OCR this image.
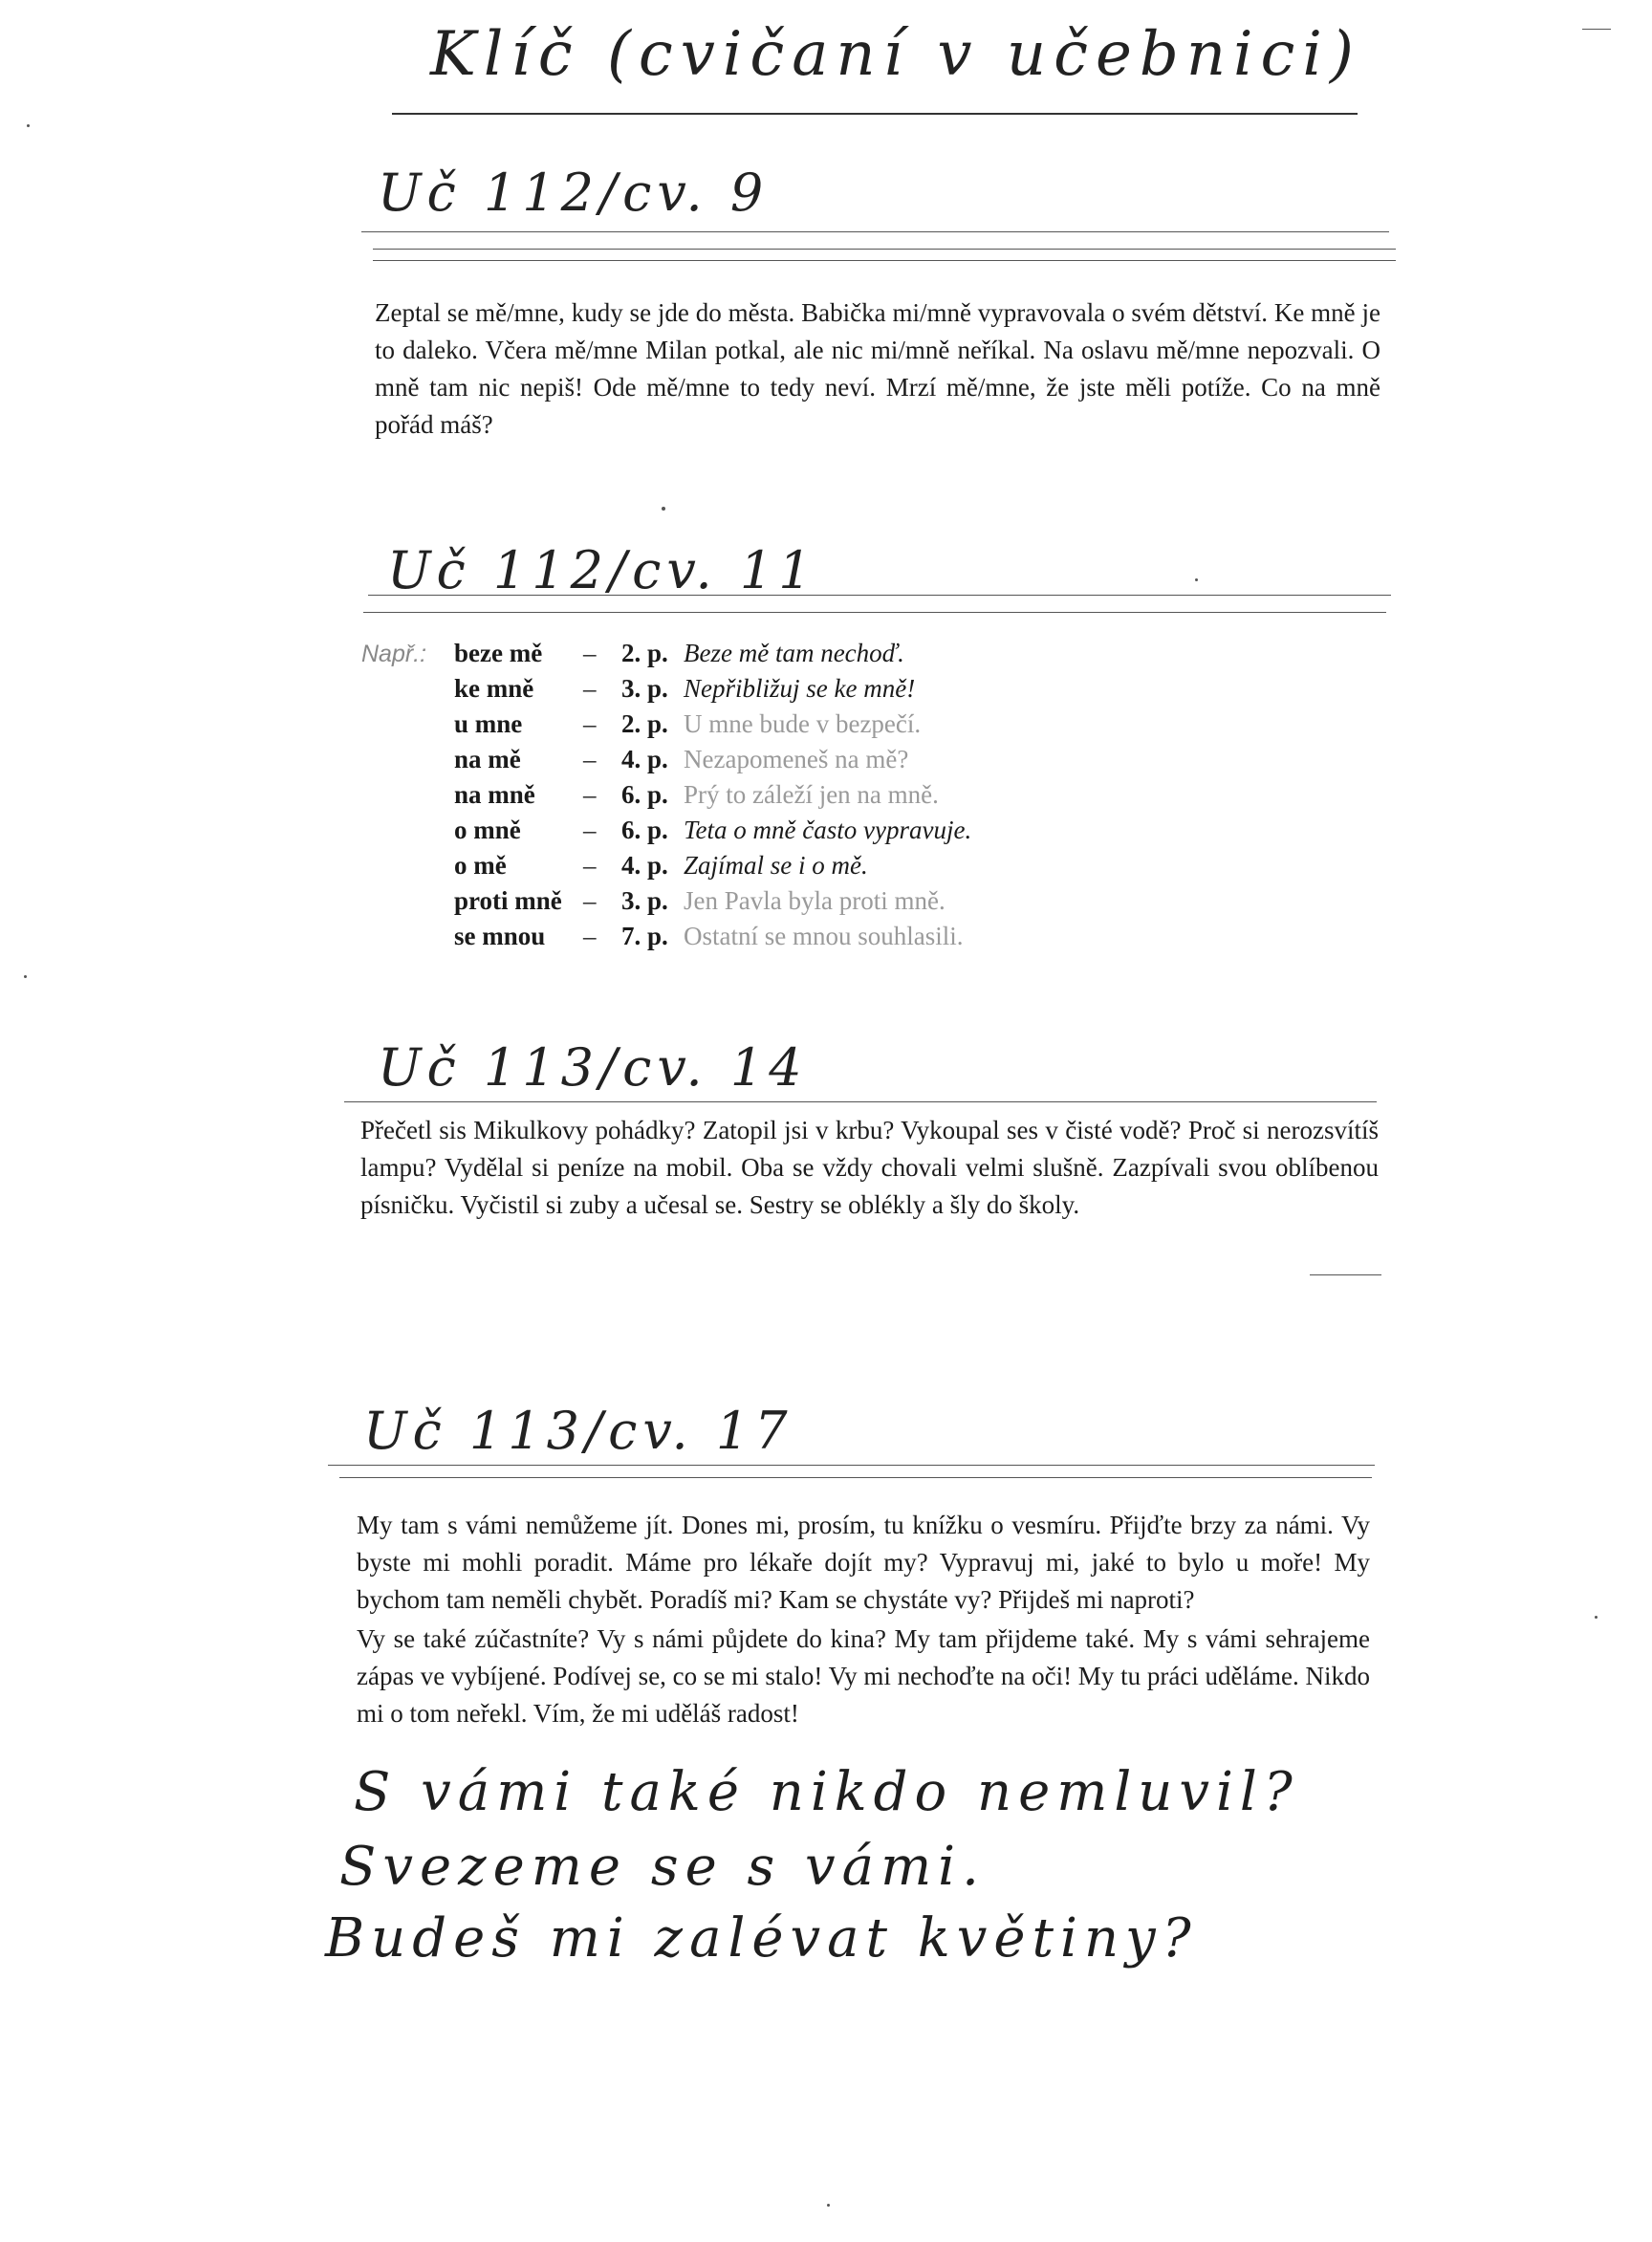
Klíč (cvičaní v učebnici)
Uč 112/cv. 9
Zeptal se mě/mne, kudy se jde do města. Babička mi/mně vypravovala o svém dětství. Ke mně je to daleko. Včera mě/mne Milan potkal, ale nic mi/mně neříkal. Na oslavu mě/mne nepozvali. O mně tam nic nepiš! Ode mě/mne to tedy neví. Mrzí mě/mne, že jste měli potíže. Co na mně pořád máš?
Uč 112/cv. 11
Např.: beze mě – 2. p. Beze mě tam nechoď.
ke mně – 3. p. Nepřibližuj se ke mně!
u mne – 2. p. U mne bude v bezpečí.
na mě – 4. p. Nezapomeneš na mě?
na mně – 6. p. Prý to záleží jen na mně.
o mně – 6. p. Teta o mně často vypravuje.
o mě	– 4. p. Zajímal se i o mě.
proti mně – 3. p. Jen Pavla byla proti mně.
se mnou – 7. p. Ostatní se mnou souhlasili.
Uč 113/cv. 14
Přečetl sis Mikulkovy pohádky? Zatopil jsi v krbu? Vykoupal ses v čisté vodě? Proč si nerozsvítíš lampu? Vydělal si peníze na mobil. Oba se vždy chovali velmi slušně. Zazpívali svou oblíbenou písničku. Vyčistil si zuby a učesal se. Sestry se oblékly a šly do školy.
Uč 113/cv. 17
My tam s vámi nemůžeme jít. Dones mi, prosím, tu knížku o vesmíru. Přijďte brzy za námi. Vy byste mi mohli poradit. Máme pro lékaře dojít my? Vypravuj mi, jaké to bylo u moře! My bychom tam neměli chybět. Poradíš mi? Kam se chystáte vy? Přijdeš mi naproti?
Vy se také zúčastníte? Vy s námi půjdete do kina? My tam přijdeme také. My s vámi sehrajeme zápas ve vybíjené. Podívej se, co se mi stalo! Vy mi nechoďte na oči! My tu práci uděláme. Nikdo mi o tom neřekl. Vím, že mi uděláš radost!
S vámi také nikdo nemluvil?
Svezeme se s vámi.
Budeš mi zalévat květiny?
